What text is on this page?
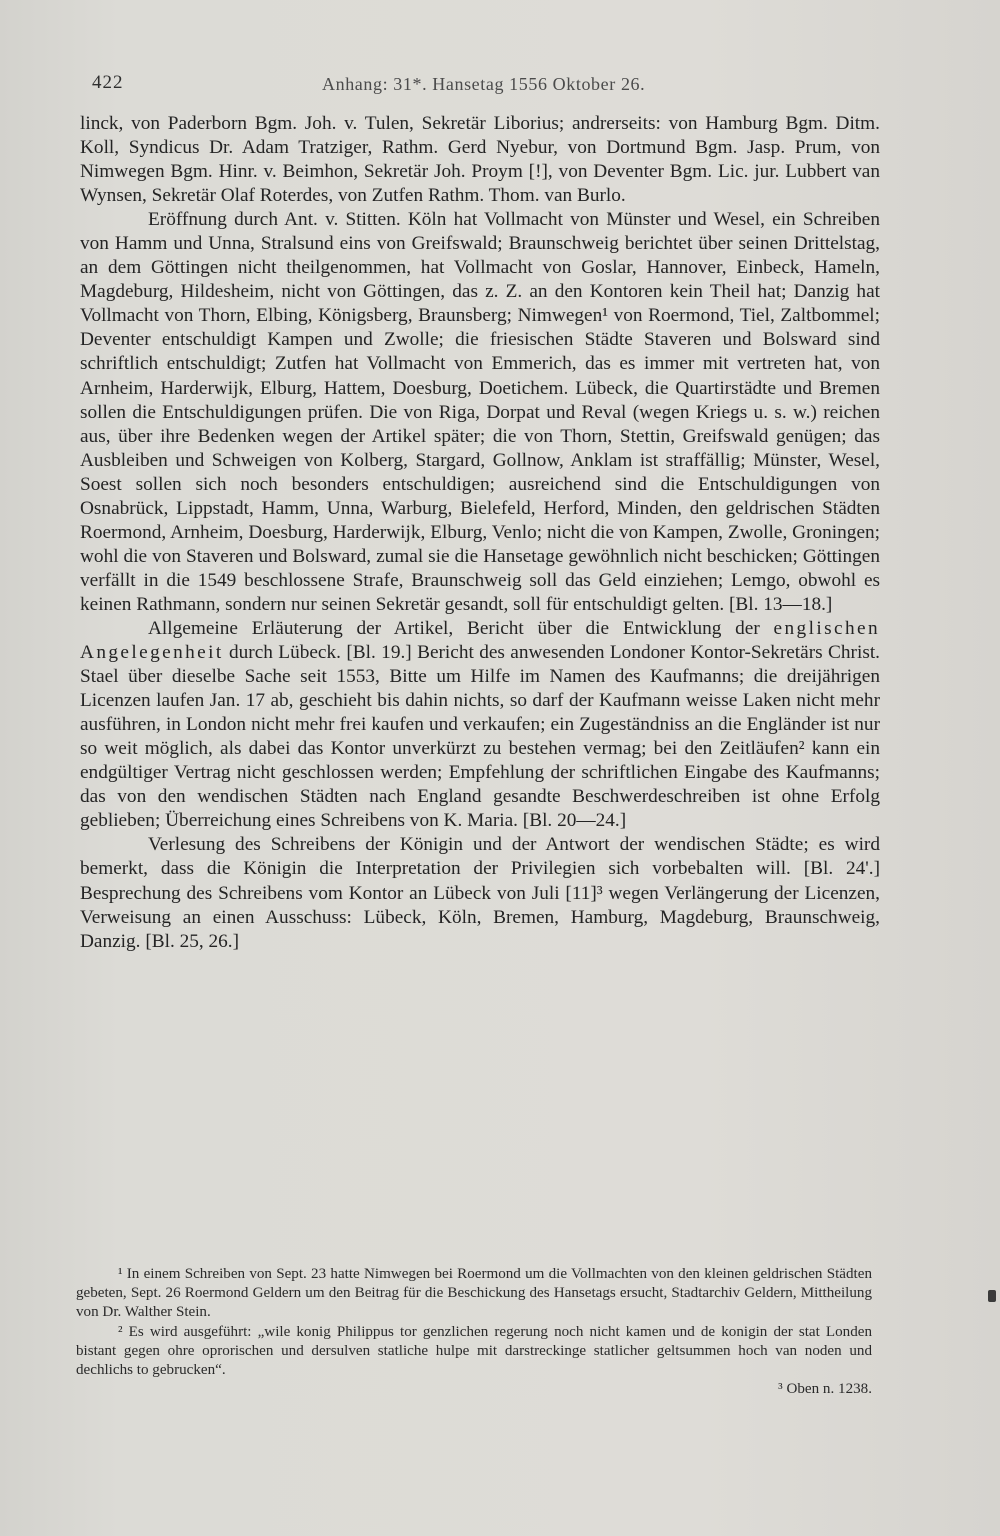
422	Anhang: 31*. Hansetag 1556 Oktober 26.

linck, von Paderborn Bgm. Joh. v. Tulen, Sekretär Liborius; andrerseits: von Hamburg Bgm. Ditm. Koll, Syndicus Dr. Adam Tratziger, Rathm. Gerd Nyebur, von Dortmund Bgm. Jasp. Prum, von Nimwegen Bgm. Hinr. v. Beimhon, Sekretär Joh. Proym [!], von Deventer Bgm. Lic. jur. Lubbert van Wynsen, Sekretär Olaf Roterdes, von Zutfen Rathm. Thom. van Burlo.

Eröffnung durch Ant. v. Stitten. Köln hat Vollmacht von Münster und Wesel, ein Schreiben von Hamm und Unna, Stralsund eins von Greifswald; Braunschweig berichtet über seinen Drittelstag, an dem Göttingen nicht theilgenommen, hat Vollmacht von Goslar, Hannover, Einbeck, Hameln, Magdeburg, Hildesheim, nicht von Göttingen, das z. Z. an den Kontoren kein Theil hat; Danzig hat Vollmacht von Thorn, Elbing, Königsberg, Braunsberg; Nimwegen¹ von Roermond, Tiel, Zaltbommel; Deventer entschuldigt Kampen und Zwolle; die friesischen Städte Staveren und Bolsward sind schriftlich entschuldigt; Zutfen hat Vollmacht von Emmerich, das es immer mit vertreten hat, von Arnheim, Harderwijk, Elburg, Hattem, Doesburg, Doetichem. Lübeck, die Quartirstädte und Bremen sollen die Entschuldigungen prüfen. Die von Riga, Dorpat und Reval (wegen Kriegs u. s. w.) reichen aus, über ihre Bedenken wegen der Artikel später; die von Thorn, Stettin, Greifswald genügen; das Ausbleiben und Schweigen von Kolberg, Stargard, Gollnow, Anklam ist straffällig; Münster, Wesel, Soest sollen sich noch besonders entschuldigen; ausreichend sind die Entschuldigungen von Osnabrück, Lippstadt, Hamm, Unna, Warburg, Bielefeld, Herford, Minden, den geldrischen Städten Roermond, Arnheim, Doesburg, Harderwijk, Elburg, Venlo; nicht die von Kampen, Zwolle, Groningen; wohl die von Staveren und Bolsward, zumal sie die Hansetage gewöhnlich nicht beschicken; Göttingen verfällt in die 1549 beschlossene Strafe, Braunschweig soll das Geld einziehen; Lemgo, obwohl es keinen Rathmann, sondern nur seinen Sekretär gesandt, soll für entschuldigt gelten. [Bl. 13—18.]

Allgemeine Erläuterung der Artikel, Bericht über die Entwicklung der englischen Angelegenheit durch Lübeck. [Bl. 19.] Bericht des anwesenden Londoner Kontor-Sekretärs Christ. Stael über dieselbe Sache seit 1553, Bitte um Hilfe im Namen des Kaufmanns; die dreijährigen Licenzen laufen Jan. 17 ab, geschieht bis dahin nichts, so darf der Kaufmann weisse Laken nicht mehr ausführen, in London nicht mehr frei kaufen und verkaufen; ein Zugeständniss an die Engländer ist nur so weit möglich, als dabei das Kontor unverkürzt zu bestehen vermag; bei den Zeitläufen² kann ein endgültiger Vertrag nicht geschlossen werden; Empfehlung der schriftlichen Eingabe des Kaufmanns; das von den wendischen Städten nach England gesandte Beschwerdeschreiben ist ohne Erfolg geblieben; Überreichung eines Schreibens von K. Maria. [Bl. 20—24.]

Verlesung des Schreibens der Königin und der Antwort der wendischen Städte; es wird bemerkt, dass die Königin die Interpretation der Privilegien sich vorbebalten will. [Bl. 24'.] Besprechung des Schreibens vom Kontor an Lübeck von Juli [11]³ wegen Verlängerung der Licenzen, Verweisung an einen Ausschuss: Lübeck, Köln, Bremen, Hamburg, Magdeburg, Braunschweig, Danzig. [Bl. 25, 26.]

¹ In einem Schreiben von Sept. 23 hatte Nimwegen bei Roermond um die Vollmachten von den kleinen geldrischen Städten gebeten, Sept. 26 Roermond Geldern um den Beitrag für die Beschickung des Hansetags ersucht, Stadtarchiv Geldern, Mittheilung von Dr. Walther Stein.

² Es wird ausgeführt: „wile konig Philippus tor genzlichen regerung noch nicht kamen und de konigin der stat Londen bistant gegen ohre oprorischen und dersulven statliche hulpe mit darstreckinge statlicher geltsummen hoch van noden und dechlichs to gebrucken“.

³ Oben n. 1238.
